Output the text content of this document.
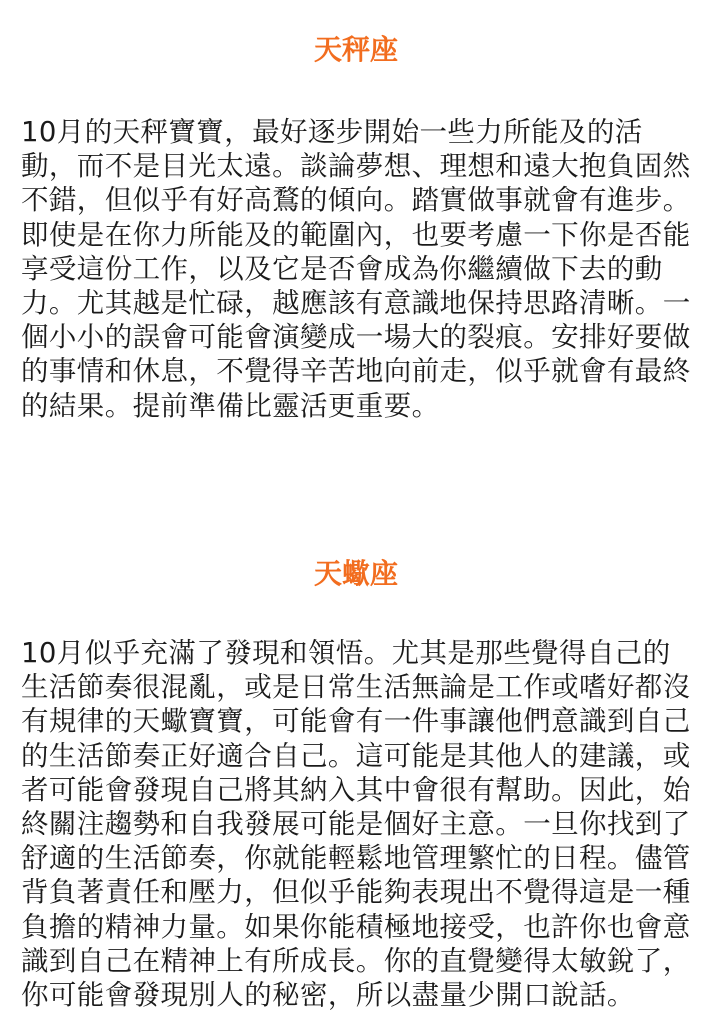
天秤座

10月的天秤寶寶，最好逐步開始一些力所能及的活動，而不是目光太遠。談論夢想、理想和遠大抱負固然不錯，但似乎有好高鶩的傾向。踏實做事就會有進步。即使是在你力所能及的範圍內，也要考慮一下你是否能享受這份工作，以及它是否會成為你繼續做下去的動力。尤其越是忙碌，越應該有意識地保持思路清晰。一個小小的誤會可能會演變成一場大的裂痕。安排好要做的事情和休息，不覺得辛苦地向前走，似乎就會有最終的結果。提前準備比靈活更重要。

天蠍座

10月似乎充滿了發現和領悟。尤其是那些覺得自己的生活節奏很混亂，或是日常生活無論是工作或嗜好都沒有規律的天蠍寶寶，可能會有一件事讓他們意識到自己的生活節奏正好適合自己。這可能是其他人的建議，或者可能會發現自己將其納入其中會很有幫助。因此，始終關注趨勢和自我發展可能是個好主意。一旦你找到了舒適的生活節奏，你就能輕鬆地管理繁忙的日程。儘管背負著責任和壓力，但似乎能夠表現出不覺得這是一種負擔的精神力量。如果你能積極地接受，也許你也會意識到自己在精神上有所成長。你的直覺變得太敏銳了，你可能會發現別人的秘密，所以盡量少開口說話。
